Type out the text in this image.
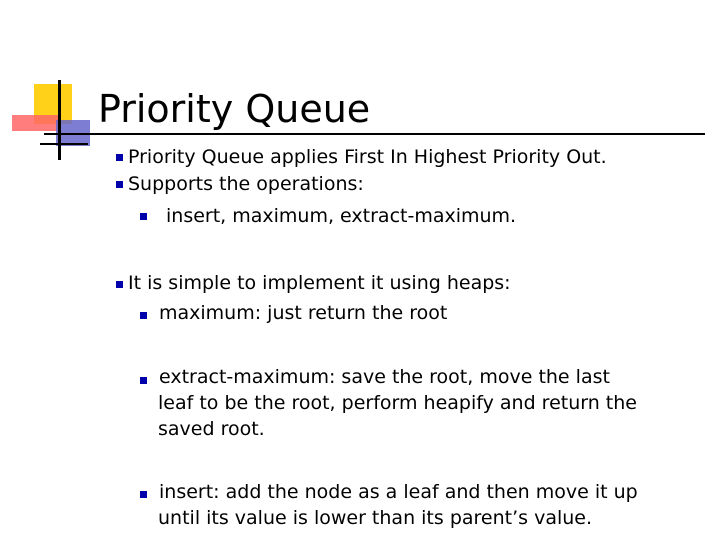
Priority Queue
Priority Queue applies First In Highest Priority Out.
Supports the operations:
insert, maximum, extract-maximum.
It is simple to implement it using heaps:
maximum: just return the root
extract-maximum: save the root, move the last
leaf to be the root, perform heapify and return the
saved root.
insert: add the node as a leaf and then move it up
until its value is lower than its parent’s value.
